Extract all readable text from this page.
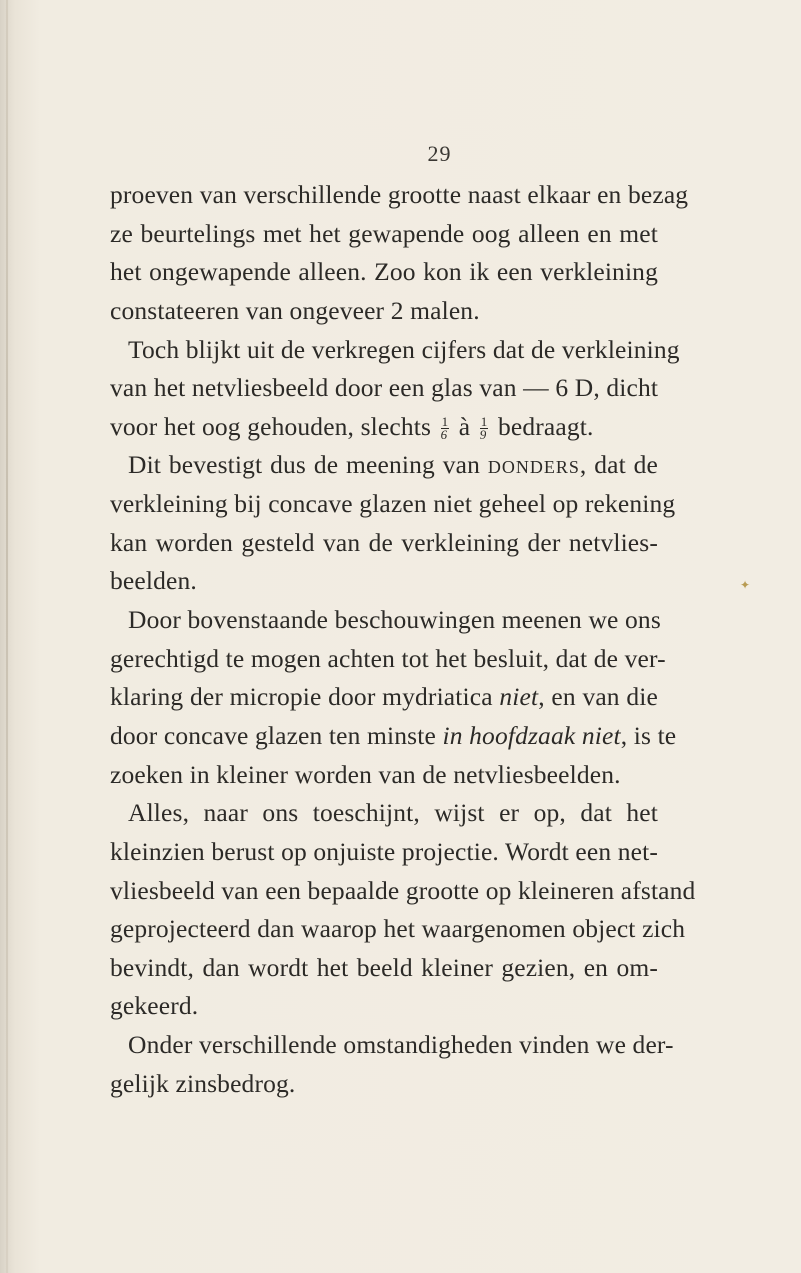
29
proeven van verschillende grootte naast elkaar en bezag
ze beurtelings met het gewapende oog alleen en met
het ongewapende alleen. Zoo kon ik een verkleining
constateeren van ongeveer 2 malen.
Toch blijkt uit de verkregen cijfers dat de verkleining
van het netvliesbeeld door een glas van — 6 D, dicht
voor het oog gehouden, slechts $\frac{1}{6}$ à $\frac{1}{9}$ bedraagt.
Dit bevestigt dus de meening van donders, dat de
verkleining bij concave glazen niet geheel op rekening
kan worden gesteld van de verkleining der netvlies-
beelden.
Door bovenstaande beschouwingen meenen we ons
gerechtigd te mogen achten tot het besluit, dat de ver-
klaring der micropie door mydriatica niet, en van die
door concave glazen ten minste in hoofdzaak niet, is te
zoeken in kleiner worden van de netvliesbeelden.
Alles, naar ons toeschijnt, wijst er op, dat het
kleinzien berust op onjuiste projectie. Wordt een net-
vliesbeeld van een bepaalde grootte op kleineren afstand
geprojecteerd dan waarop het waargenomen object zich
bevindt, dan wordt het beeld kleiner gezien, en om-
gekeerd.
Onder verschillende omstandigheden vinden we der-
gelijk zinsbedrog.
✦
